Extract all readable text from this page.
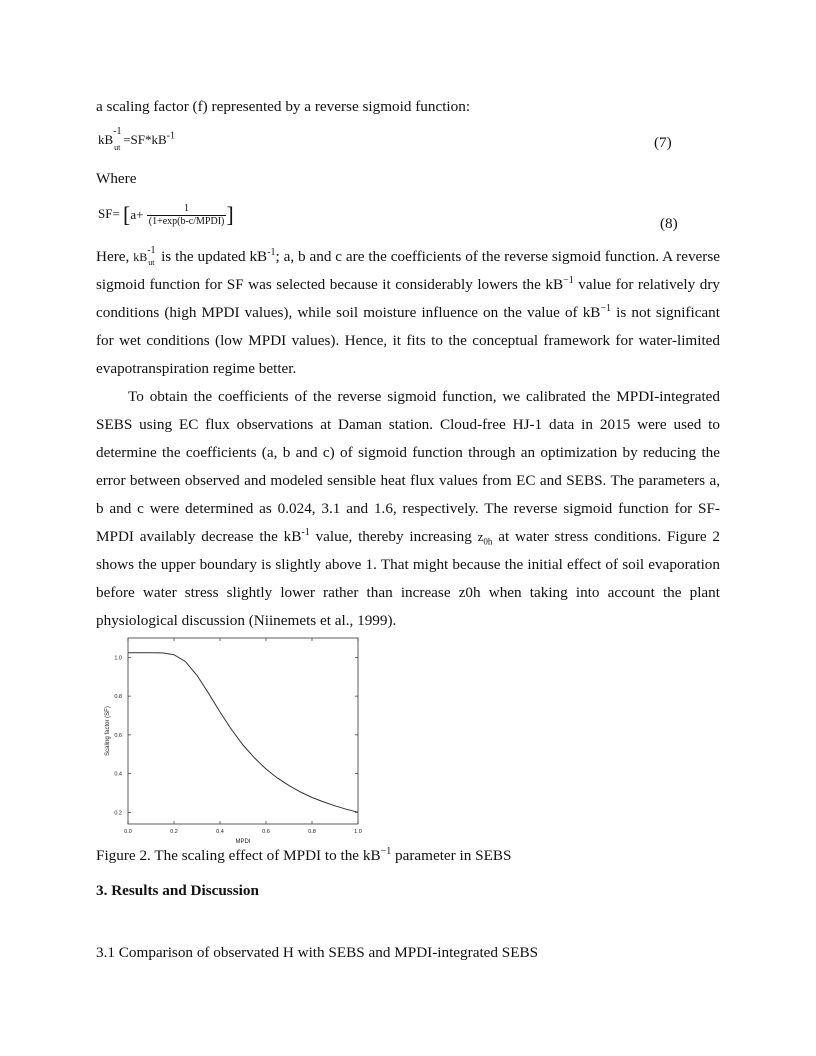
a scaling factor (f) represented by a reverse sigmoid function:
kB
-1
ut
$=SF*kB^{-1}$	(7)
Where
$SF= [a+ \frac{1}{\text{(1+exp(b-c/MPDI)}}$ ]	(8)

Here, kB -1
ut is the updated $kB^{-1}$; a, b and c are the coefficients of the reverse sigmoid function. A reverse sigmoid function for SF was selected because it considerably lowers the $kB^{-1}$ value for relatively dry conditions (high MPDI values), while soil moisture influence on the value of $kB^{-1}$ is not significant for wet conditions (low MPDI values). Hence, it fits to the conceptual framework for water-limited evapotranspiration regime better.

To obtain the coefficients of the reverse sigmoid function, we calibrated the MPDI-integrated SEBS using EC flux observations at Daman station. Cloud-free HJ-1 data in 2015 were used to determine the coefficients (a, b and c) of sigmoid function through an optimization by reducing the error between observed and modeled sensible heat flux values from EC and SEBS. The parameters a, b and c were determined as 0.024, 3.1 and 1.6, respectively. The reverse sigmoid function for SF-MPDI availably decrease the $kB^{-1}$ value, thereby increasing $z_{0h}$ at water stress conditions. Figure 2 shows the upper boundary is slightly above 1. That might because the initial effect of soil evaporation before water stress slightly lower rather than increase z0h when taking into account the plant physiological discussion (Niinemets et al., 1999).

0.0	0.2	0.4	0.6	0.8	1.0
0.2
0.4
0.6
0.8
1.0
MPDI
Scaling factor (SF)
Figure 2. The scaling effect of MPDI to the $kB^{-1}$ parameter in SEBS
3. Results and Discussion
3.1 Comparison of observated H with SEBS and MPDI-integrated SEBS
